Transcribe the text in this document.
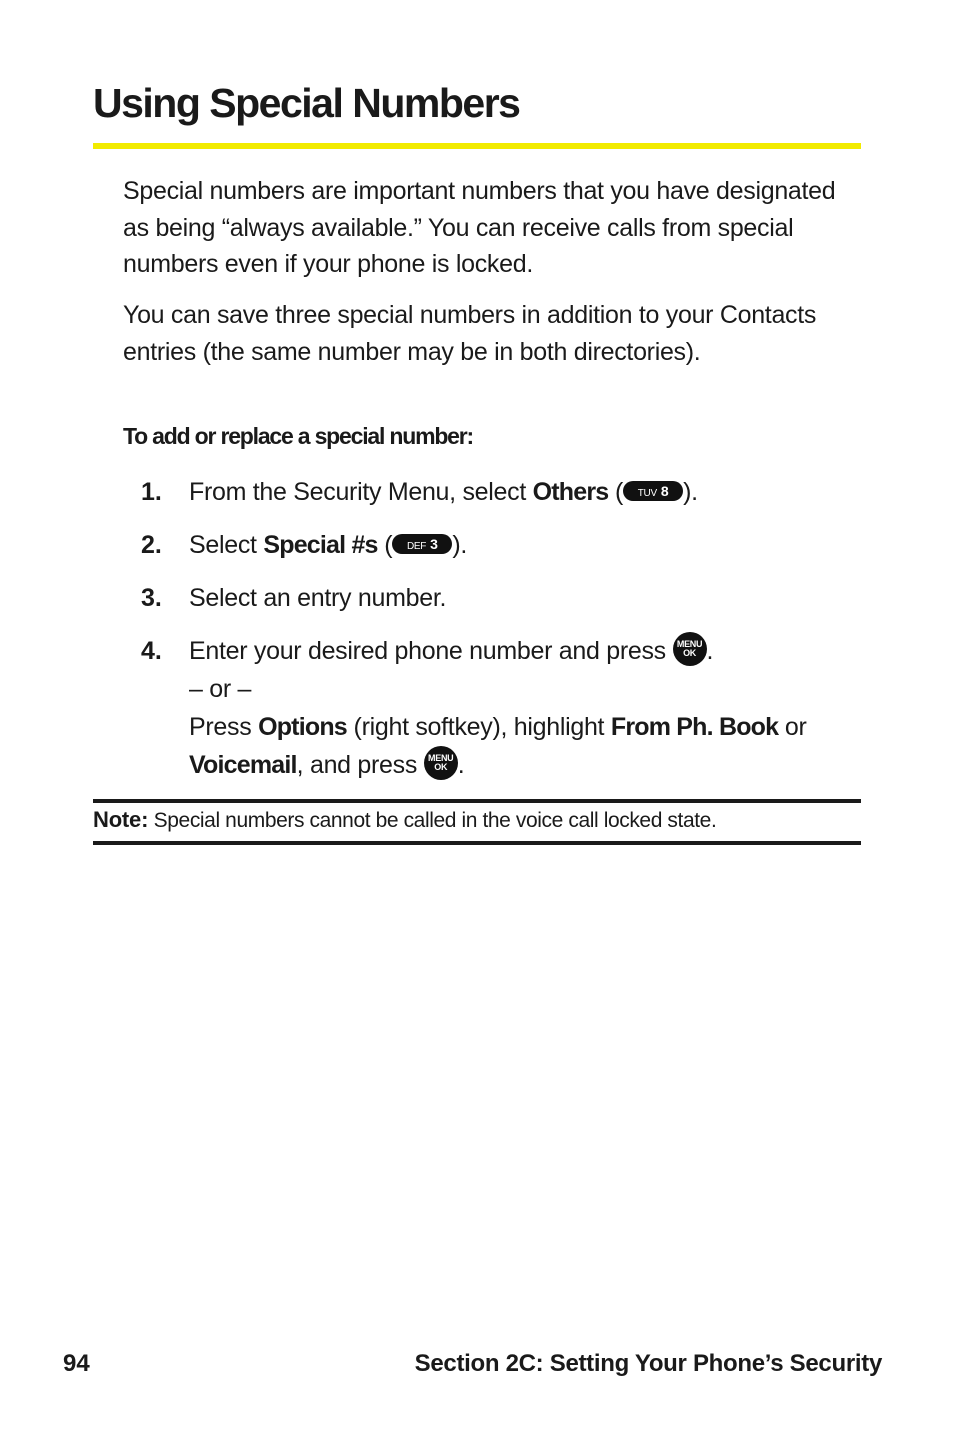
Using Special Numbers

Special numbers are important numbers that you have designated as being “always available.” You can receive calls from special numbers even if your phone is locked.

You can save three special numbers in addition to your Contacts entries (the same number may be in both directories).

To add or replace a special number:

1. From the Security Menu, select Others ( TUV 8 ).
2. Select Special #s ( DEF 3 ).
3. Select an entry number.
4. Enter your desired phone number and press MENU
OK .
– or –
Press Options (right softkey), highlight From Ph. Book or
Voicemail, and press MENU
OK .

Note: Special numbers cannot be called in the voice call locked state.

94	Section 2C: Setting Your Phone’s Security
